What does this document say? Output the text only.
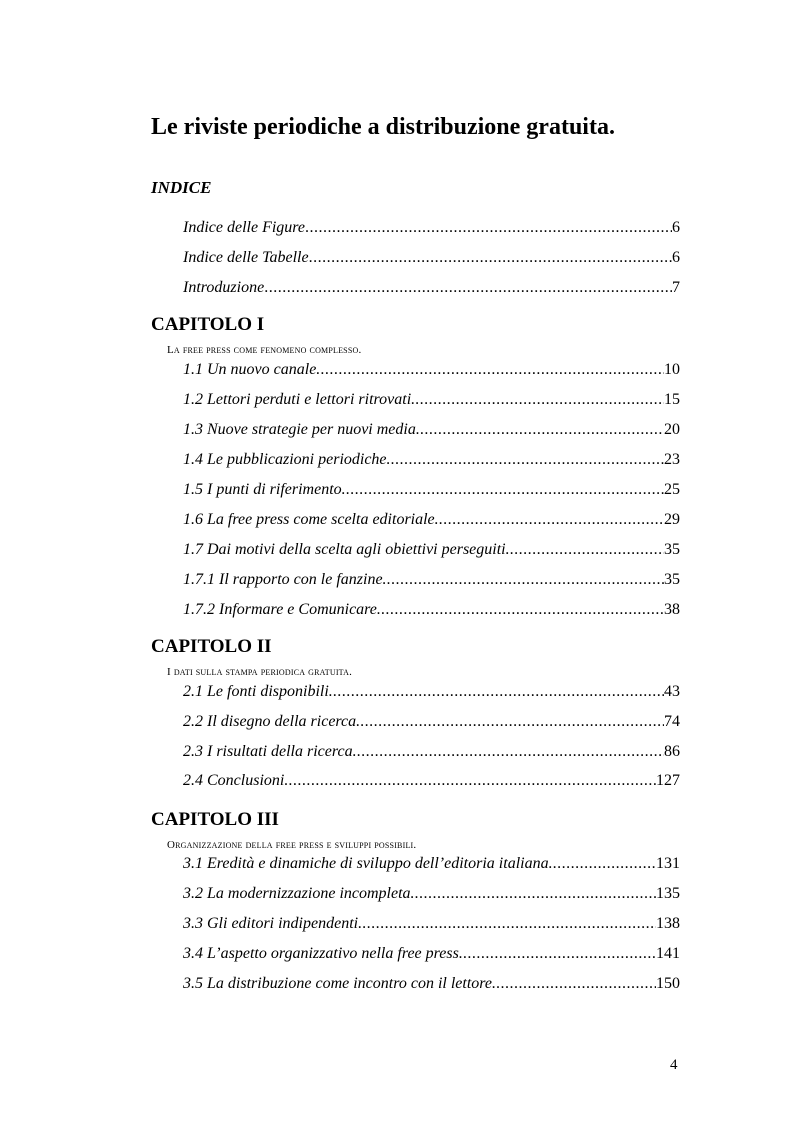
Le riviste periodiche a distribuzione gratuita.
INDICE
Indice delle Figure .....	6
Indice delle Tabelle .....	6
Introduzione .....	7
CAPITOLO I
La free press come fenomeno complesso.
1.1 Un nuovo canale. .....	10
1.2 Lettori perduti e lettori ritrovati. .....	15
1.3 Nuove strategie per nuovi media. .....	20
1.4 Le pubblicazioni periodiche. .....	23
1.5 I punti di riferimento. .....	25
1.6 La free press come scelta editoriale. .....	29
1.7 Dai motivi della scelta agli obiettivi perseguiti. .....	35
1.7.1 Il rapporto con le fanzine. .....	35
1.7.2 Informare e Comunicare. .....	38
CAPITOLO II
I dati sulla stampa periodica gratuita.
2.1 Le fonti disponibili. .....	43
2.2 Il disegno della ricerca. .....	74
2.3 I risultati della ricerca. .....	86
2.4 Conclusioni. .....	127
CAPITOLO III
Organizzazione della free press e sviluppi possibili.
3.1 Eredità e dinamiche di sviluppo dell’editoria italiana. .....	131
3.2 La modernizzazione incompleta. .....	135
3.3 Gli editori indipendenti. .....	138
3.4 L’aspetto organizzativo nella free press. .....	141
3.5 La distribuzione come incontro con il lettore. .....	150
4
